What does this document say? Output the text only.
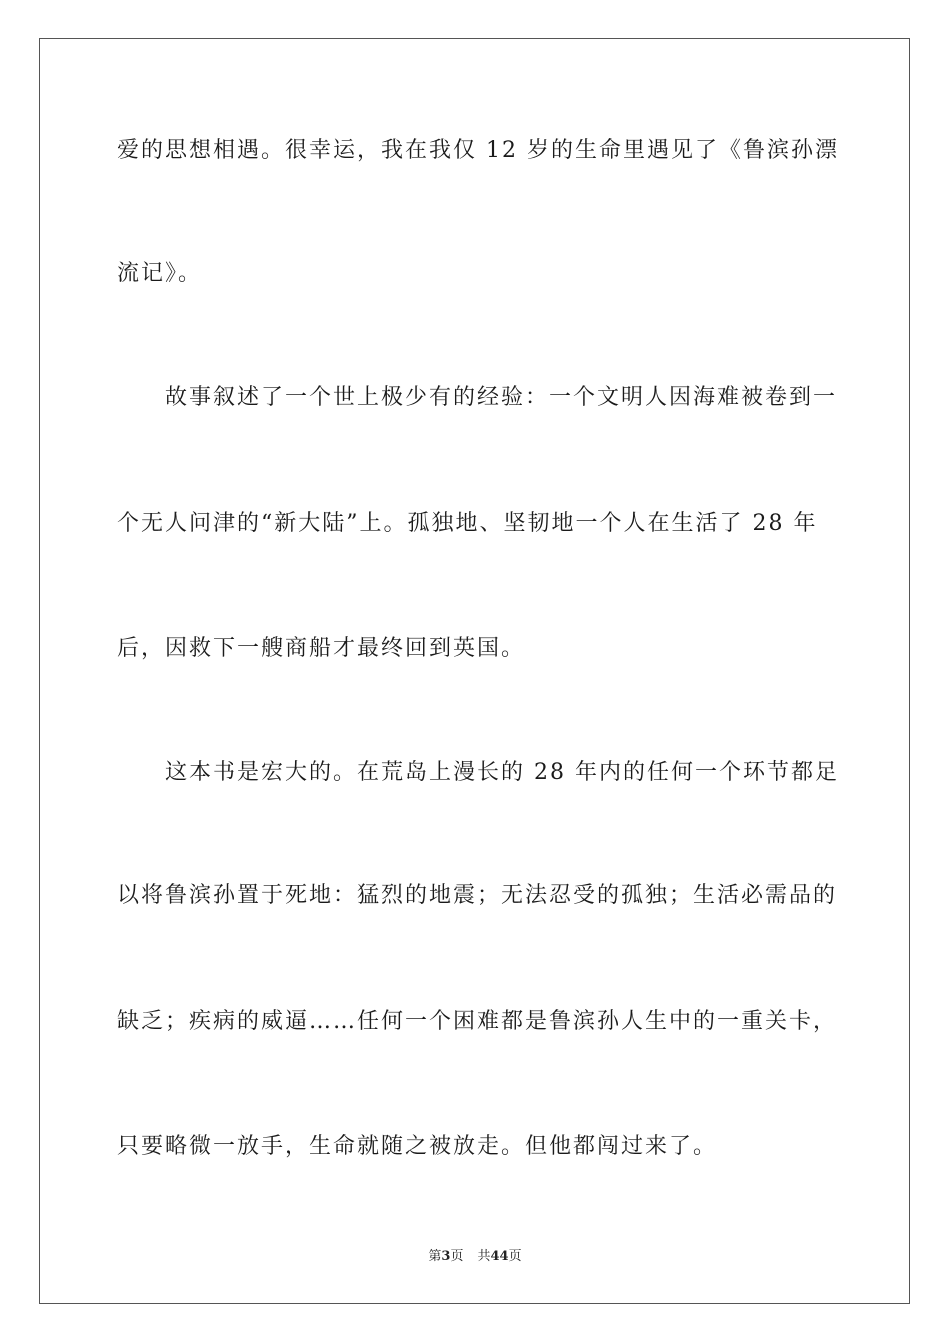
爱的思想相遇。很幸运，我在我仅 12 岁的生命里遇见了《鲁滨孙漂
流记》。
　　故事叙述了一个世上极少有的经验：一个文明人因海难被卷到一
个无人问津的“新大陆”上。孤独地、坚韧地一个人在生活了 28 年
后，因救下一艘商船才最终回到英国。
　　这本书是宏大的。在荒岛上漫长的 28 年内的任何一个环节都足
以将鲁滨孙置于死地：猛烈的地震；无法忍受的孤独；生活必需品的
缺乏；疾病的威逼……任何一个困难都是鲁滨孙人生中的一重关卡，
只要略微一放手，生命就随之被放走。但他都闯过来了。
第3页 共44页
